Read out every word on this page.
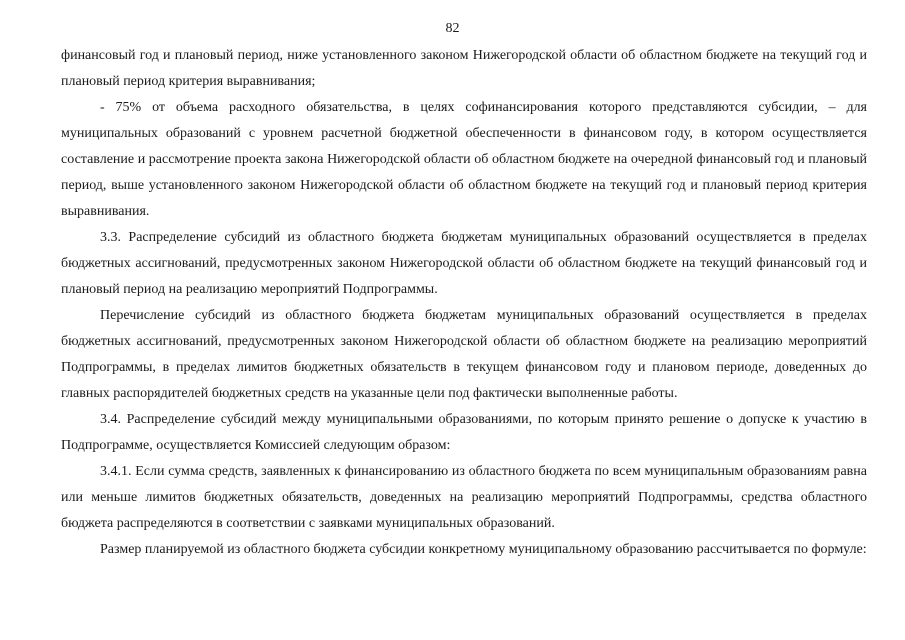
82

финансовый год и плановый период, ниже установленного законом Нижегородской области об областном бюджете на текущий год и плановый период критерия выравнивания;

- 75% от объема расходного обязательства, в целях софинансирования которого представляются субсидии, – для муниципальных образований с уровнем расчетной бюджетной обеспеченности в финансовом году, в котором осуществляется составление и рассмотрение проекта закона Нижегородской области об областном бюджете на очередной финансовый год и плановый период, выше установленного законом Нижегородской области об областном бюджете на текущий год и плановый период критерия выравнивания.

3.3. Распределение субсидий из областного бюджета бюджетам муниципальных образований осуществляется в пределах бюджетных ассигнований, предусмотренных законом Нижегородской области об областном бюджете на текущий финансовый год и плановый период на реализацию мероприятий Подпрограммы.

Перечисление субсидий из областного бюджета бюджетам муниципальных образований осуществляется в пределах бюджетных ассигнований, предусмотренных законом Нижегородской области об областном бюджете на реализацию мероприятий Подпрограммы, в пределах лимитов бюджетных обязательств в текущем финансовом году и плановом периоде, доведенных до главных распорядителей бюджетных средств на указанные цели под фактически выполненные работы.

3.4. Распределение субсидий между муниципальными образованиями, по которым принято решение о допуске к участию в Подпрограмме, осуществляется Комиссией следующим образом:

3.4.1. Если сумма средств, заявленных к финансированию из областного бюджета по всем муниципальным образованиям равна или меньше лимитов бюджетных обязательств, доведенных на реализацию мероприятий Подпрограммы, средства областного бюджета распределяются в соответствии с заявками муниципальных образований.

Размер планируемой из областного бюджета субсидии конкретному муниципальному образованию рассчитывается по формуле:
